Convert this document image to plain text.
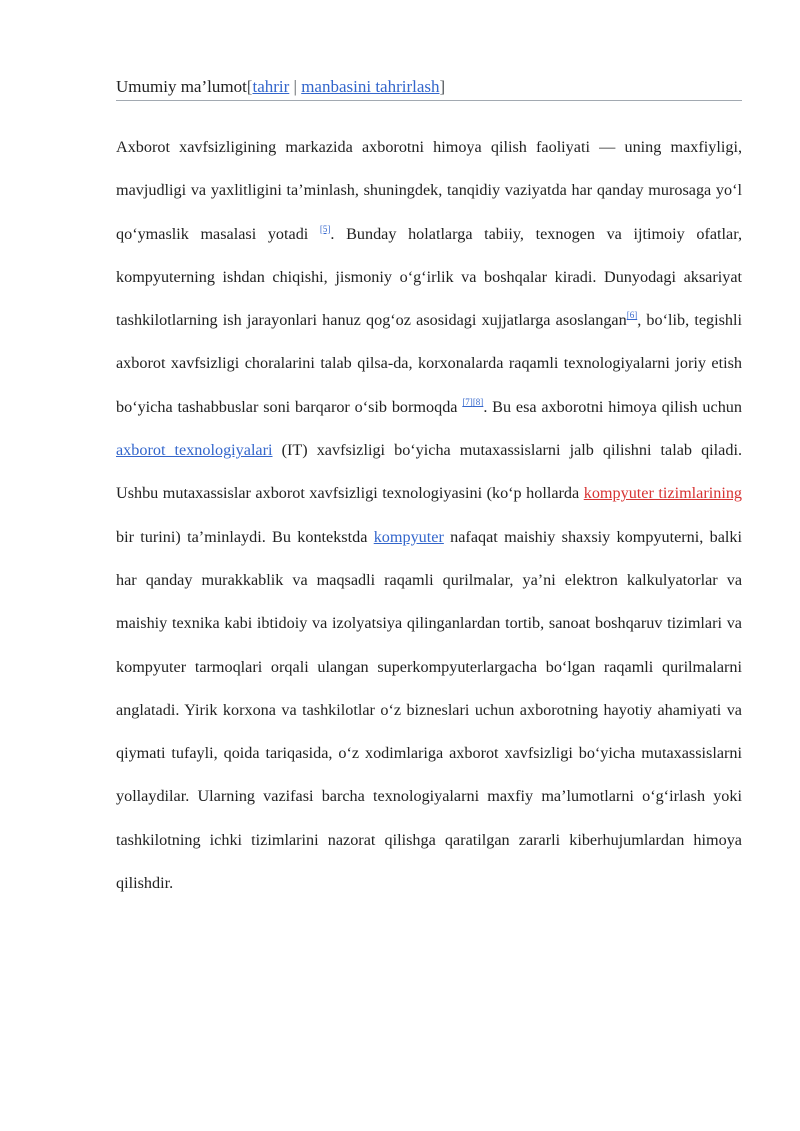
Umumiy ma’lumot[tahrir | manbasini tahrirlash]

Axborot xavfsizligining markazida axborotni himoya qilish faoliyati — uning maxfiyligi, mavjudligi va yaxlitligini ta’minlash, shuningdek, tanqidiy vaziyatda har qanday murosaga yo‘l qo‘ymaslik masalasi yotadi [5]. Bunday holatlarga tabiiy, texnogen va ijtimoiy ofatlar, kompyuterning ishdan chiqishi, jismoniy o‘g‘irlik va boshqalar kiradi. Dunyodagi aksariyat tashkilotlarning ish jarayonlari hanuz qog‘oz asosidagi xujjatlarga asoslangan[6], bo‘lib, tegishli axborot xavfsizligi choralarini talab qilsa-da, korxonalarda raqamli texnologiyalarni joriy etish bo‘yicha tashabbuslar soni barqaror o‘sib bormoqda [7][8]. Bu esa axborotni himoya qilish uchun axborot texnologiyalari (IT) xavfsizligi bo‘yicha mutaxassislarni jalb qilishni talab qiladi. Ushbu mutaxassislar axborot xavfsizligi texnologiyasini (ko‘p hollarda kompyuter tizimlarining bir turini) ta’minlaydi. Bu kontekstda kompyuter nafaqat maishiy shaxsiy kompyuterni, balki har qanday murakkablik va maqsadli raqamli qurilmalar, ya’ni elektron kalkulyatorlar va maishiy texnika kabi ibtidoiy va izolyatsiya qilinganlardan tortib, sanoat boshqaruv tizimlari va kompyuter tarmoqlari orqali ulangan superkompyuterlargacha bo‘lgan raqamli qurilmalarni anglatadi. Yirik korxona va tashkilotlar o‘z bizneslari uchun axborotning hayotiy ahamiyati va qiymati tufayli, qoida tariqasida, o‘z xodimlariga axborot xavfsizligi bo‘yicha mutaxassislarni yollaydilar. Ularning vazifasi barcha texnologiyalarni maxfiy ma’lumotlarni o‘g‘irlash yoki tashkilotning ichki tizimlarini nazorat qilishga qaratilgan zararli kiberhujumlardan himoya qilishdir.
